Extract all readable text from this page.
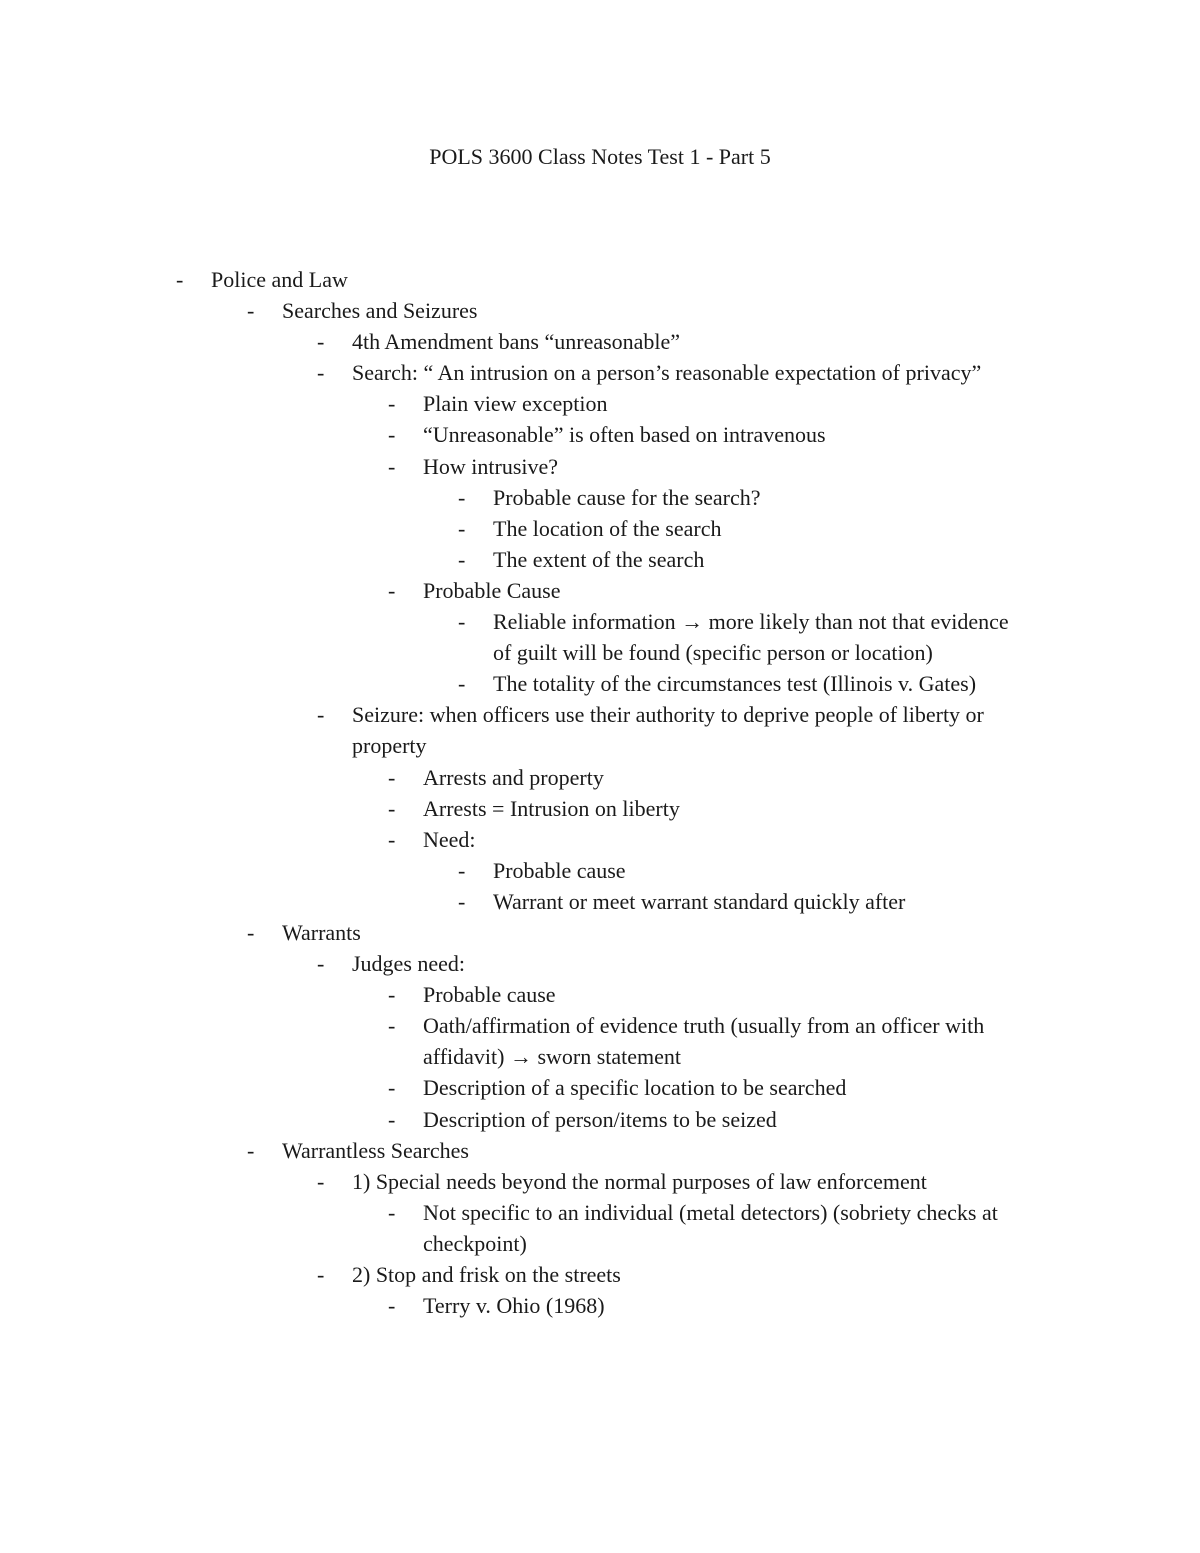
POLS 3600 Class Notes Test 1 - Part 5
- Police and Law
- Searches and Seizures
- 4th Amendment bans “unreasonable”
- Search: “ An intrusion on a person’s reasonable expectation of privacy”
- Plain view exception
- “Unreasonable” is often based on intravenous
- How intrusive?
- Probable cause for the search?
- The location of the search
- The extent of the search
- Probable Cause
- Reliable information → more likely than not that evidence
of guilt will be found (specific person or location)
- The totality of the circumstances test (Illinois v. Gates)
- Seizure: when officers use their authority to deprive people of liberty or
property
- Arrests and property
- Arrests = Intrusion on liberty
- Need:
- Probable cause
- Warrant or meet warrant standard quickly after
- Warrants
- Judges need:
- Probable cause
- Oath/affirmation of evidence truth (usually from an officer with
affidavit) → sworn statement
- Description of a specific location to be searched
- Description of person/items to be seized
- Warrantless Searches
- 1) Special needs beyond the normal purposes of law enforcement
- Not specific to an individual (metal detectors) (sobriety checks at
checkpoint)
- 2) Stop and frisk on the streets
- Terry v. Ohio (1968)
